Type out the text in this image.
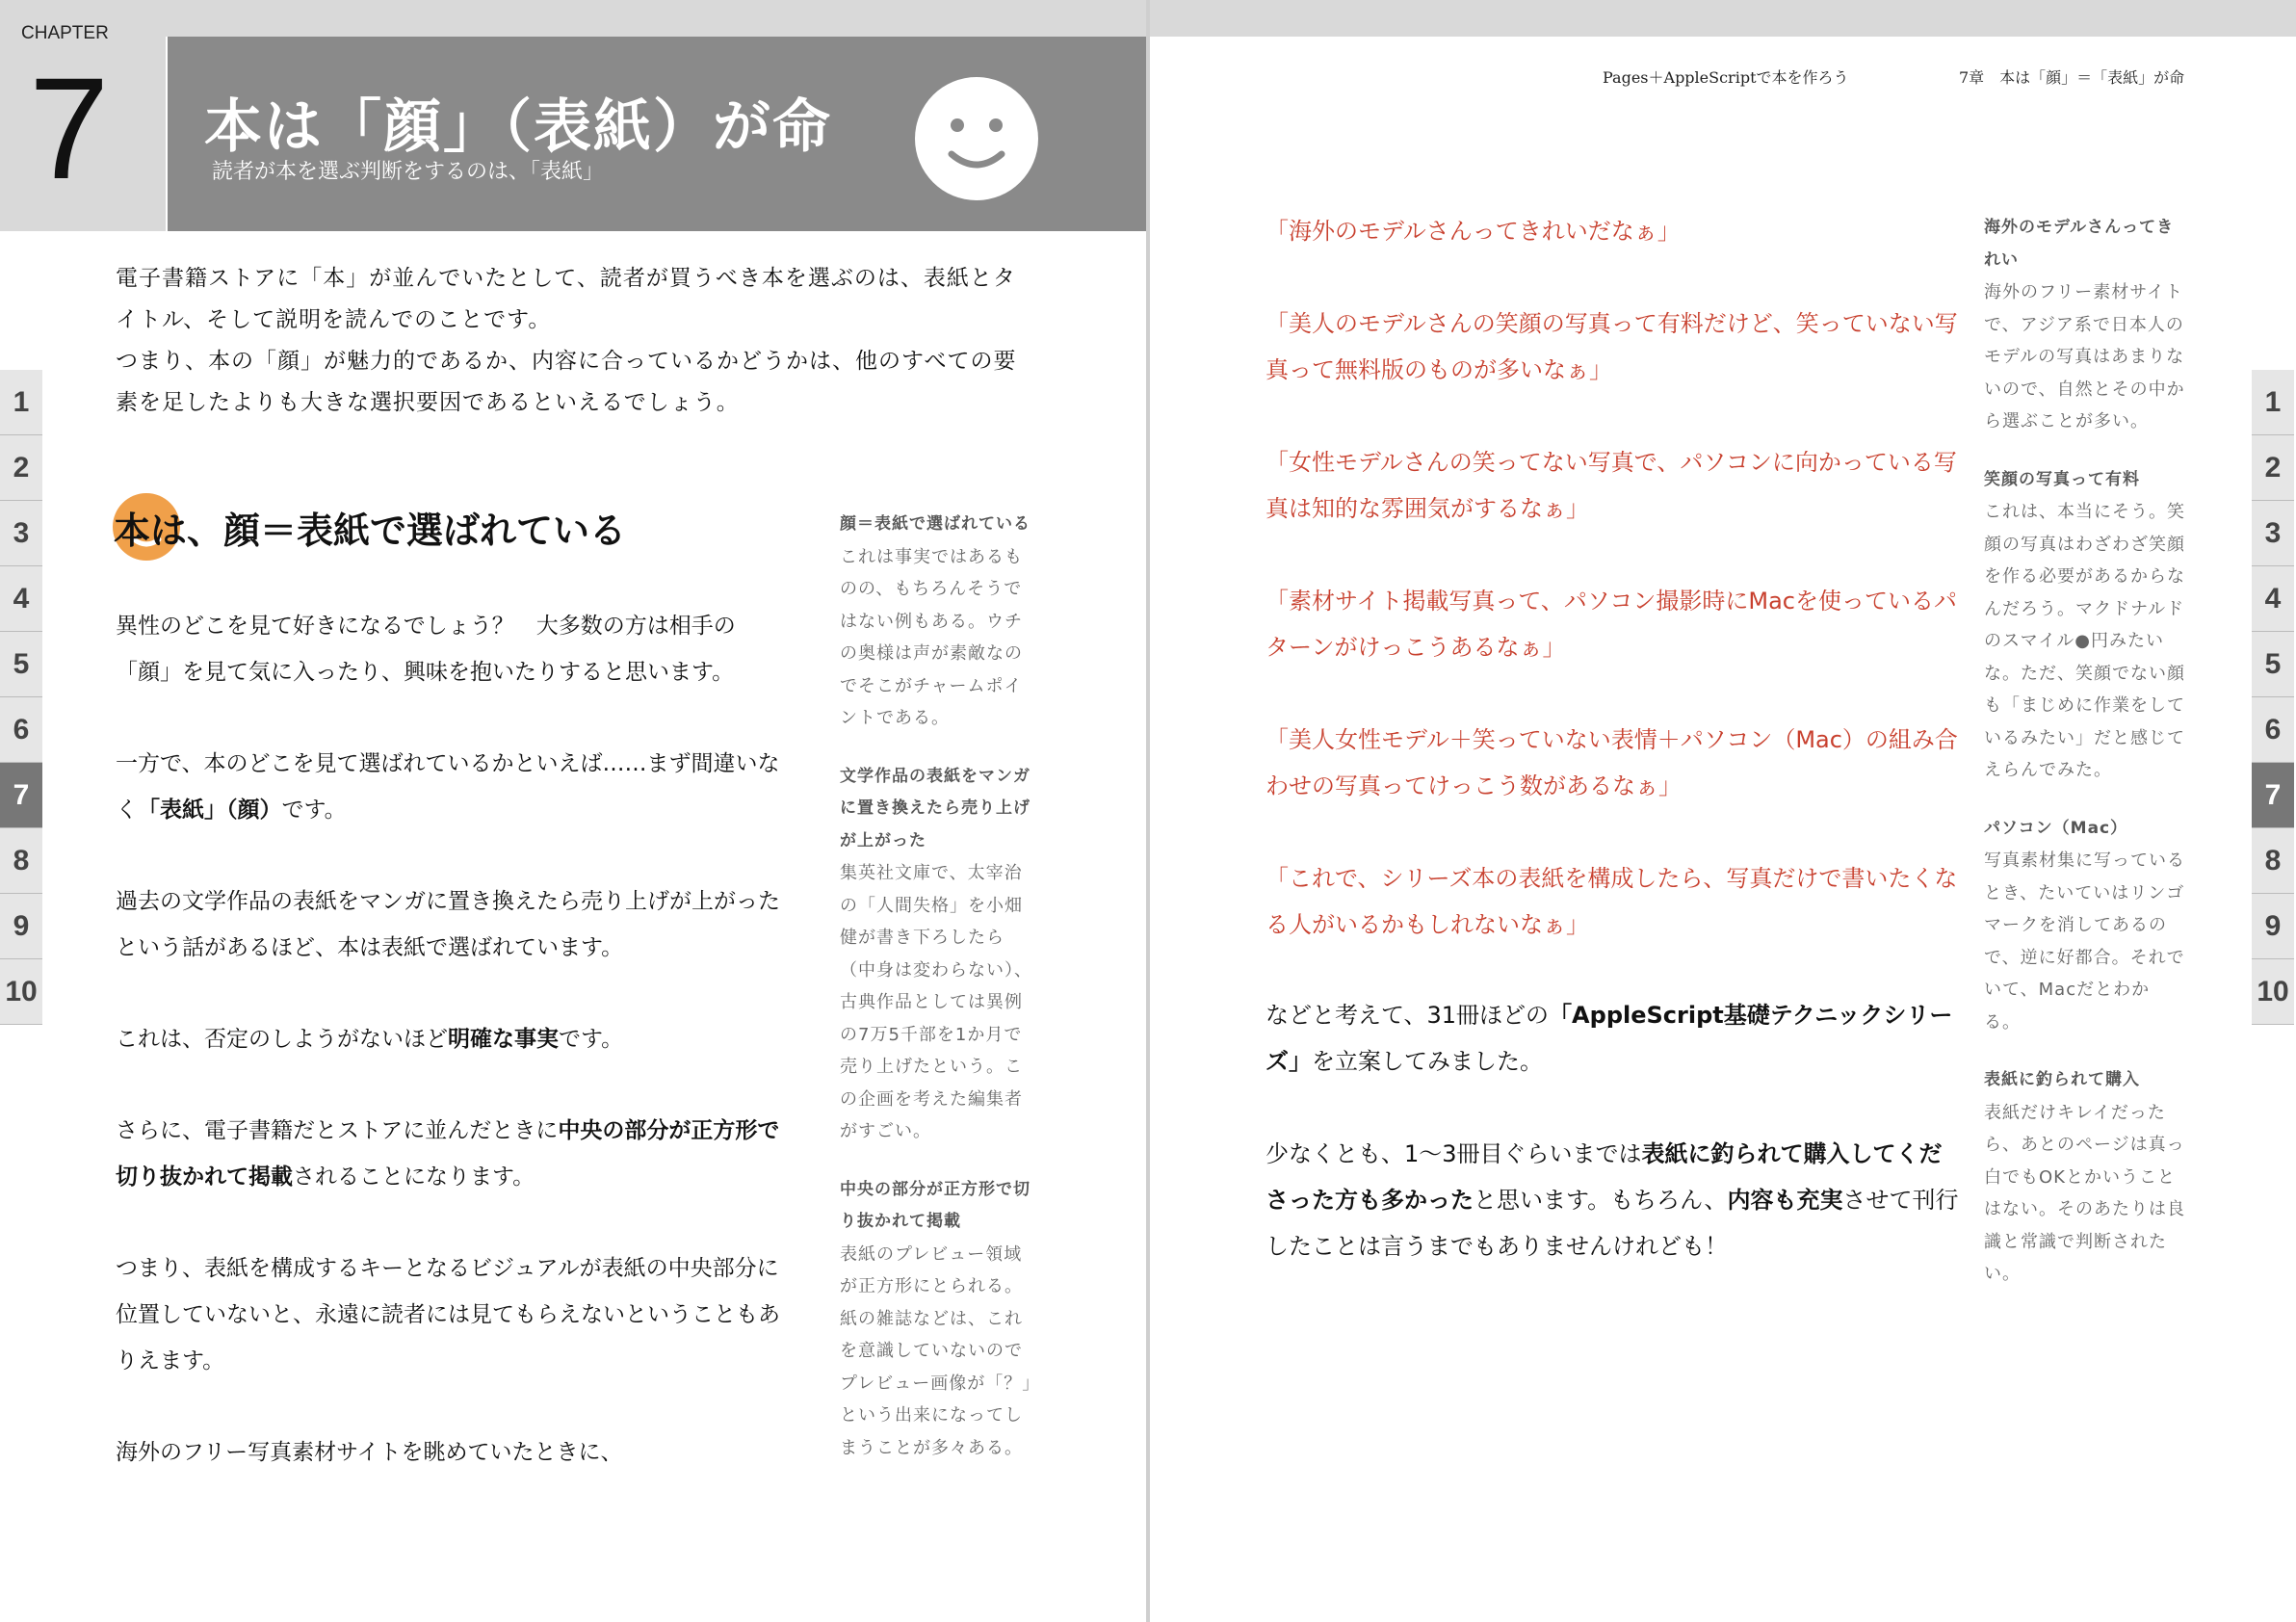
CHAPTER
7 本は「顔」（表紙）が命
読者が本を選ぶ判断をするのは、「表紙」

電子書籍ストアに「本」が並んでいたとして、読者が買うべき本を選ぶのは、表紙とタイトル、そして説明を読んでのことです。

つまり、本の「顔」が魅力的であるか、内容に合っているかどうかは、他のすべての要素を足したよりも大きな選択要因であるといえるでしょう。

本は、顔＝表紙で選ばれている

異性のどこを見て好きになるでしょう？　大多数の方は相手の「顔」を見て気に入ったり、興味を抱いたりすると思います。

一方で、本のどこを見て選ばれているかといえば……まず間違いなく「表紙」（顔）です。

過去の文学作品の表紙をマンガに置き換えたら売り上げが上がったという話があるほど、本は表紙で選ばれています。

これは、否定のしようがないほど明確な事実です。

さらに、電子書籍だとストアに並んだときに中央の部分が正方形で切り抜かれて掲載されることになります。

つまり、表紙を構成するキーとなるビジュアルが表紙の中央部分に位置していないと、永遠に読者には見てもらえないということもありえます。

海外のフリー写真素材サイトを眺めていたときに、

顔＝表紙で選ばれている
これは事実ではあるものの、もちろんそうではない例もある。ウチの奥様は声が素敵なのでそこがチャームポイントである。
文学作品の表紙をマンガに置き換えたら売り上げが上がった
集英社文庫で、太宰治の「人間失格」を小畑健が書き下ろしたら（中身は変わらない）、古典作品としては異例の7万5千部を1か月で売り上げたという。この企画を考えた編集者がすごい。
中央の部分が正方形で切り抜かれて掲載
表紙のプレビュー領域が正方形にとられる。紙の雑誌などは、これを意識していないのでプレビュー画像が「？」という出来になってしまうことが多々ある。
1
2
3
4
5
6
7
8
9
10
Pages＋AppleScriptで本を作ろう	7章　本は「顔」＝「表紙」が命

「海外のモデルさんってきれいだなぁ」

「美人のモデルさんの笑顔の写真って有料だけど、笑っていない写真って無料版のものが多いなぁ」

「女性モデルさんの笑ってない写真で、パソコンに向かっている写真は知的な雰囲気がするなぁ」

「素材サイト掲載写真って、パソコン撮影時にMacを使っているパターンがけっこうあるなぁ」

「美人女性モデル＋笑っていない表情＋パソコン（Mac）の組み合わせの写真ってけっこう数があるなぁ」

「これで、シリーズ本の表紙を構成したら、写真だけで書いたくなる人がいるかもしれないなぁ」

などと考えて、31冊ほどの「AppleScript基礎テクニックシリーズ」を立案してみました。

少なくとも、1〜3冊目ぐらいまでは表紙に釣られて購入してくださった方も多かったと思います。もちろん、内容も充実させて刊行したことは言うまでもありませんけれども！

海外のモデルさんってきれい
海外のフリー素材サイトで、アジア系で日本人のモデルの写真はあまりないので、自然とその中から選ぶことが多い。
笑顔の写真って有料
これは、本当にそう。笑顔の写真はわざわざ笑顔を作る必要があるからなんだろう。マクドナルドのスマイル●円みたいな。ただ、笑顔でない顔も「まじめに作業をしているみたい」だと感じてえらんでみた。
パソコン（Mac）
写真素材集に写っているとき、たいていはリンゴマークを消してあるので、逆に好都合。それでいて、Macだとわかる。
表紙に釣られて購入
表紙だけキレイだったら、あとのページは真っ白でもOKとかいうことはない。そのあたりは良識と常識で判断されたい。
1
2
3
4
5
6
7
8
9
10
